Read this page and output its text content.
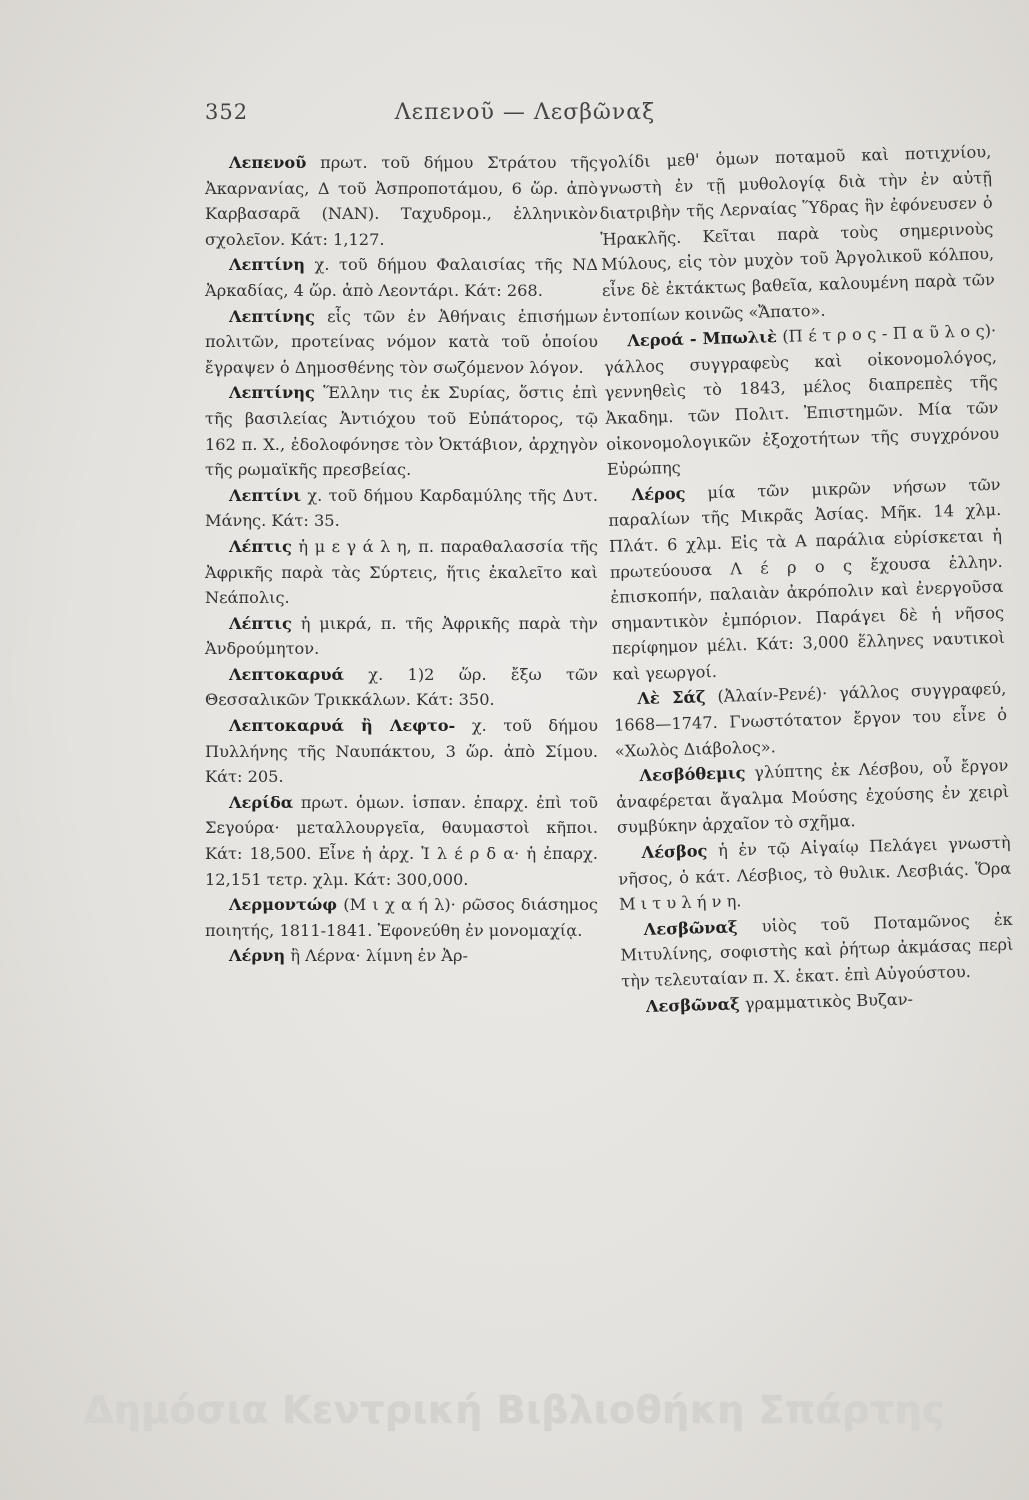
352	Λεπενοῦ — Λεσβῶναξ

Λεπενοῦ πρωτ. τοῦ δήμου Στράτου τῆς Ἀκαρνανίας, Δ τοῦ Ἀσπροποτάμου, 6 ὥρ. ἀπὸ Καρβασαρᾶ (ΝΑΝ). Ταχυδρομ., ἑλληνικὸν σχολεῖον. Κάτ: 1,127.

Λεπτίνη χ. τοῦ δήμου Φαλαισίας τῆς ΝΔ Ἀρκαδίας, 4 ὥρ. ἀπὸ Λεοντάρι. Κάτ: 268.

Λεπτίνης εἷς τῶν ἐν Ἀθήναις ἐπισήμων πολιτῶν, προτείνας νόμον κατὰ τοῦ ὁποίου ἔγραψεν ὁ Δημοσθένης τὸν σωζόμενον λόγον.

Λεπτίνης Ἕλλην τις ἐκ Συρίας, ὅστις ἐπὶ τῆς βασιλείας Ἀντιόχου τοῦ Εὐπάτορος, τῷ 162 π. Χ., ἐδολοφόνησε τὸν Ὀκτάβιον, ἀρχηγὸν τῆς ρωμαϊκῆς πρεσβείας.

Λεπτίνι χ. τοῦ δήμου Καρδαμύλης τῆς Δυτ. Μάνης. Κάτ: 35.

Λέπτις ἡ μ ε γ ά λ η, π. παραθαλασσία τῆς Ἀφρικῆς παρὰ τὰς Σύρτεις, ἥτις ἐκαλεῖτο καὶ Νεάπολις.

Λέπτις ἡ μικρά, π. τῆς Ἀφρικῆς παρὰ τὴν Ἀνδρούμητον.

Λεπτοκαρυά χ. 1)2 ὥρ. ἔξω τῶν Θεσσαλικῶν Τρικκάλων. Κάτ: 350.

Λεπτοκαρυά ἢ Λεφτο- χ. τοῦ δήμου Πυλλήνης τῆς Ναυπάκτου, 3 ὥρ. ἀπὸ Σίμου. Κάτ: 205.

Λερίδα πρωτ. ὁμων. ἰσπαν. ἐπαρχ. ἐπὶ τοῦ Σεγούρα· μεταλλουργεῖα, θαυμαστοὶ κῆποι. Κάτ: 18,500. Εἶνε ἡ ἀρχ. Ἰ λ έ ρ δ α· ἡ ἐπαρχ. 12,151 τετρ. χλμ. Κάτ: 300,000.

Λερμοντώφ (Μ ι χ α ή λ)· ρῶσος διάσημος ποιητής, 1811-1841. Ἐφονεύθη ἐν μονομαχίᾳ.

Λέρνη ἢ Λέρνα· λίμνη ἐν Ἀρ-

γολίδι μεθ' ὁμων ποταμοῦ καὶ ποτιχνίου, γνωστὴ ἐν τῇ μυθολογίᾳ διὰ τὴν ἐν αὐτῇ διατριβὴν τῆς Λερναίας Ὕδρας ἣν ἐφόνευσεν ὁ Ἡρακλῆς. Κεῖται παρὰ τοὺς σημερινοὺς Μύλους, εἰς τὸν μυχὸν τοῦ Ἀργολικοῦ κόλπου, εἶνε δὲ ἐκτάκτως βαθεῖα, καλουμένη παρὰ τῶν ἐντοπίων κοινῶς «Ἄπατο».

Λεροά - Μπωλιὲ (Π έ τ ρ ο ς - Π α ῦ λ ο ς)· γάλλος συγγραφεὺς καὶ οἰκονομολόγος, γεννηθεὶς τὸ 1843, μέλος διαπρεπὲς τῆς Ἀκαδημ. τῶν Πολιτ. Ἐπιστημῶν. Μία τῶν οἰκονομολογικῶν ἐξοχοτήτων τῆς συγχρόνου Εὐρώπης

Λέρος μία τῶν μικρῶν νήσων τῶν παραλίων τῆς Μικρᾶς Ἀσίας. Μῆκ. 14 χλμ. Πλάτ. 6 χλμ. Εἰς τὰ Α παράλια εὑρίσκεται ἡ πρωτεύουσα Λ έ ρ ο ς ἔχουσα ἑλλην. ἐπισκοπήν, παλαιὰν ἀκρόπολιν καὶ ἐνεργοῦσα σημαντικὸν ἐμπόριον. Παράγει δὲ ἡ νῆσος περίφημον μέλι. Κάτ: 3,000 ἕλληνες ναυτικοὶ καὶ γεωργοί.

Λὲ Σάζ (Ἀλαίν-Ρενέ)· γάλλος συγγραφεύ, 1668—1747. Γνωστότατον ἔργον του εἶνε ὁ «Χωλὸς Διάβολος».

Λεσβόθεμις γλύπτης ἐκ Λέσβου, οὗ ἔργον ἀναφέρεται ἄγαλμα Μούσης ἐχούσης ἐν χειρὶ συμβύκην ἀρχαῖον τὸ σχῆμα.

Λέσβος ἡ ἐν τῷ Αἰγαίῳ Πελάγει γνωστὴ νῆσος, ὁ κάτ. Λέσβιος, τὸ θυλικ. Λεσβιάς. Ὅρα Μ ι τ υ λ ή ν η.

Λεσβῶναξ υἱὸς τοῦ Ποταμῶνος ἐκ Μιτυλίνης, σοφιστὴς καὶ ῥήτωρ ἀκμάσας περὶ τὴν τελευταίαν π. Χ. ἑκατ. ἐπὶ Αὐγούστου.

Λεσβῶναξ γραμματικὸς Βυζαν-

Δημόσια Κεντρική Βιβλιοθήκη Σπάρτης
